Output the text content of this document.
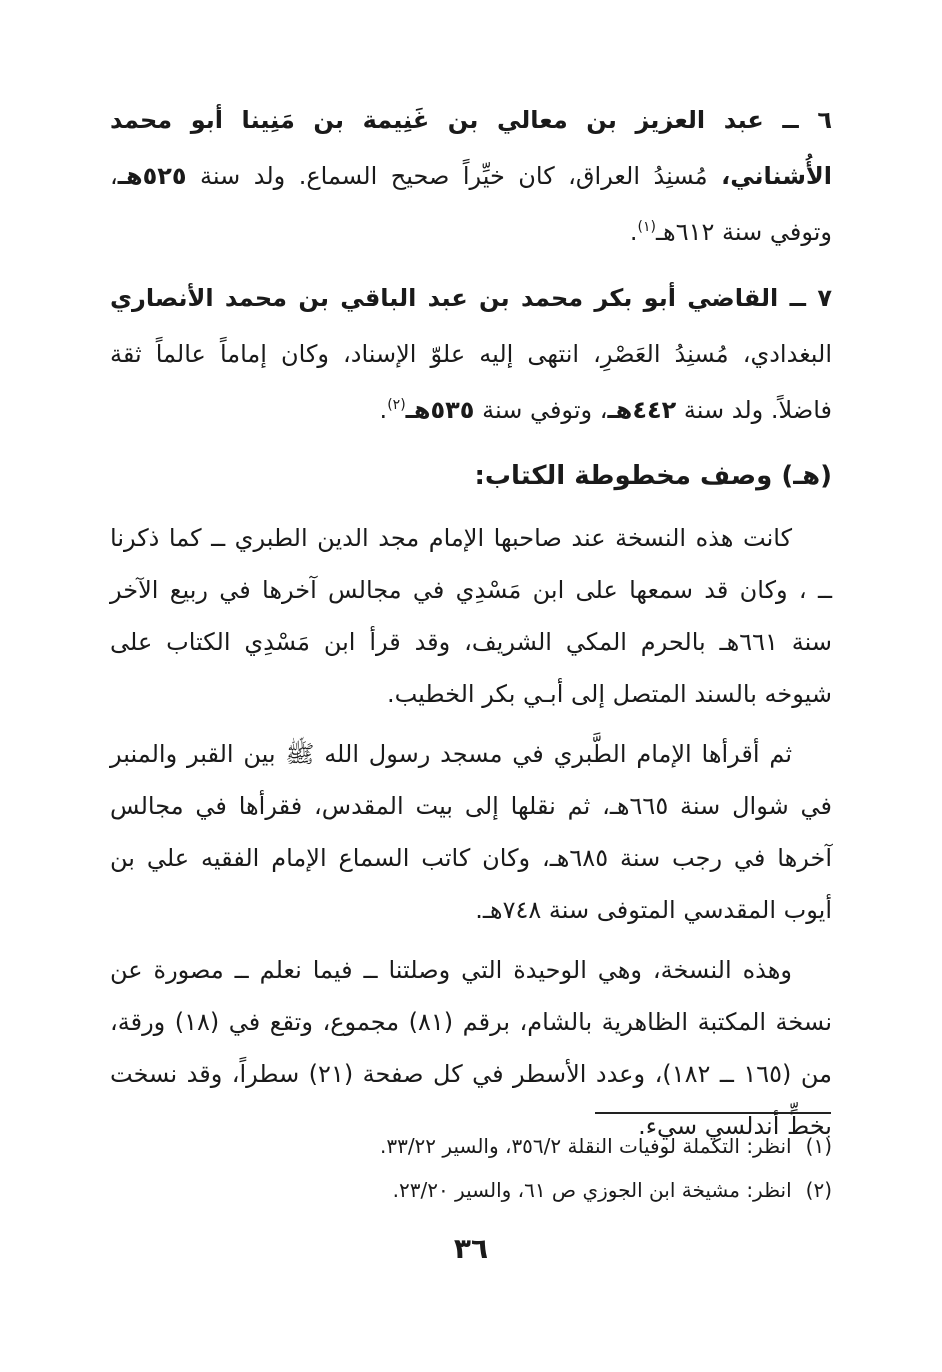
٦ ــ عبد العزيز بن معالي بن غَنِيمة بن مَنِينا أبو محمد الأُشناني، مُسنِدُ العراق، كان خيِّراً صحيح السماع. ولد سنة ٥٢٥هـ، وتوفي سنة ٦١٢هـ$^{(١)}$.

٧ ــ القاضي أبو بكر محمد بن عبد الباقي بن محمد الأنصاري البغدادي، مُسنِدُ العَصْرِ، انتهى إليه علوّ الإسناد، وكان إماماً عالماً ثقة فاضلاً. ولد سنة ٤٤٢هـ، وتوفي سنة ٥٣٥هـ$^{(٢)}$.

(هـ) وصف مخطوطة الكتاب:

كانت هذه النسخة عند صاحبها الإمام مجد الدين الطبري ــ كما ذكرنا ــ ، وكان قد سمعها على ابن مَسْدِي في مجالس آخرها في ربيع الآخر سنة ٦٦١هـ بالحرم المكي الشريف، وقد قرأ ابن مَسْدِي الكتاب على شيوخه بالسند المتصل إلى أبـي بكر الخطيب.

ثم أقرأها الإمام الطَّبري في مسجد رسول الله ﷺ بين القبر والمنبر في شوال سنة ٦٦٥هـ، ثم نقلها إلى بيت المقدس، فقرأها في مجالس آخرها في رجب سنة ٦٨٥هـ، وكان كاتب السماع الإمام الفقيه علي بن أيوب المقدسي المتوفى سنة ٧٤٨هـ.

وهذه النسخة، وهي الوحيدة التي وصلتنا ــ فيما نعلم ــ مصورة عن نسخة المكتبة الظاهرية بالشام، برقم (٨١) مجموع، وتقع في (١٨) ورقة، من (١٦٥ ــ ١٨٢)، وعدد الأسطر في كل صفحة (٢١) سطراً، وقد نسخت بخطٍّ أندلسي سيء.

(١)انظر: التكملة لوفيات النقلة ٣٥٦/٢، والسير ٣٣/٢٢.

(٢)انظر: مشيخة ابن الجوزي ص ٦١، والسير ٢٣/٢٠.

٣٦
